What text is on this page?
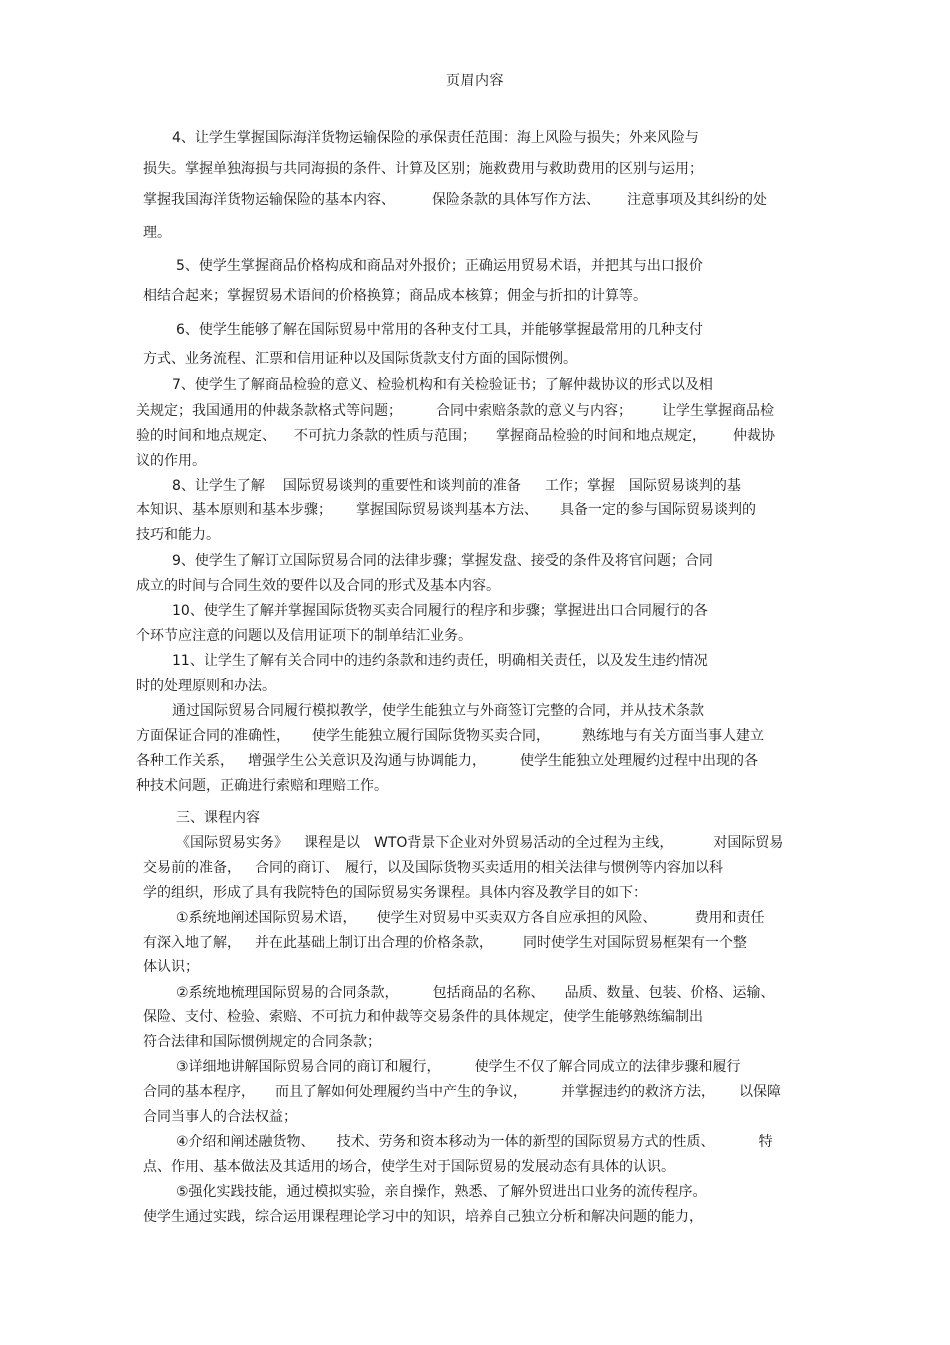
页眉内容
4、让学生掌握国际海洋货物运输保险的承保责任范围：海上风险与损失；外来风险与
损失。掌握单独海损与共同海损的条件、计算及区别；施救费用与救助费用的区别与运用；
掌握我国海洋货物运输保险的基本内容、	保险条款的具体写作方法、 注意事项及其纠纷的处
理。
5、使学生掌握商品价格构成和商品对外报价；正确运用贸易术语，并把其与出口报价
相结合起来；掌握贸易术语间的价格换算；商品成本核算；佣金与折扣的计算等。
6、使学生能够了解在国际贸易中常用的各种支付工具，并能够掌握最常用的几种支付
方式、业务流程、汇票和信用证种以及国际货款支付方面的国际惯例。
7、使学生了解商品检验的意义、检验机构和有关检验证书；了解仲裁协议的形式以及相
关规定；我国通用的仲裁条款格式等问题； 合同中索赔条款的意义与内容； 让学生掌握商品检
验的时间和地点规定、 不可抗力条款的性质与范围； 掌握商品检验的时间和地点规定， 仲裁协
议的作用。
8、让学生了解 国际贸易谈判的重要性和谈判前的准备 工作；掌握 国际贸易谈判的基
本知识、基本原则和基本步骤； 掌握国际贸易谈判基本方法、 具备一定的参与国际贸易谈判的
技巧和能力。
9、使学生了解订立国际贸易合同的法律步骤；掌握发盘、接受的条件及将官问题；合同
成立的时间与合同生效的要件以及合同的形式及基本内容。
10、使学生了解并掌握国际货物买卖合同履行的程序和步骤；掌握进出口合同履行的各
个环节应注意的问题以及信用证项下的制单结汇业务。
11、让学生了解有关合同中的违约条款和违约责任，明确相关责任，以及发生违约情况
时的处理原则和办法。
通过国际贸易合同履行模拟教学，使学生能独立与外商签订完整的合同，并从技术条款
方面保证合同的准确性， 使学生能独立履行国际货物买卖合同， 熟练地与有关方面当事人建立
各种工作关系， 增强学生公关意识及沟通与协调能力， 使学生能独立处理履约过程中出现的各
种技术问题，正确进行索赔和理赔工作。
三、课程内容
《国际贸易实务》 课程是以 WTO背景下企业对外贸易活动的全过程为主线，	对国际贸易
交易前的准备， 合同的商订、 履行，以及国际货物买卖适用的相关法律与惯例等内容加以科
学的组织，形成了具有我院特色的国际贸易实务课程。具体内容及教学目的如下：
①系统地阐述国际贸易术语， 使学生对贸易中买卖双方各自应承担的风险、	费用和责任
有深入地了解， 并在此基础上制订出合理的价格条款， 同时使学生对国际贸易框架有一个整
体认识；
②系统地梳理国际贸易的合同条款， 包括商品的名称、 品质、数量、包装、价格、运输、
保险、支付、检验、索赔、不可抗力和仲裁等交易条件的具体规定，使学生能够熟练编制出
符合法律和国际惯例规定的合同条款；
③详细地讲解国际贸易合同的商订和履行， 使学生不仅了解合同成立的法律步骤和履行
合同的基本程序， 而且了解如何处理履约当中产生的争议， 并掌握违约的救济方法， 以保障
合同当事人的合法权益；
④介绍和阐述融货物、 技术、劳务和资本移动为一体的新型的国际贸易方式的性质、	特
点、作用、基本做法及其适用的场合，使学生对于国际贸易的发展动态有具体的认识。
⑤强化实践技能，通过模拟实验，亲自操作，熟悉、了解外贸进出口业务的流传程序。
使学生通过实践，综合运用课程理论学习中的知识，培养自己独立分析和解决问题的能力，
